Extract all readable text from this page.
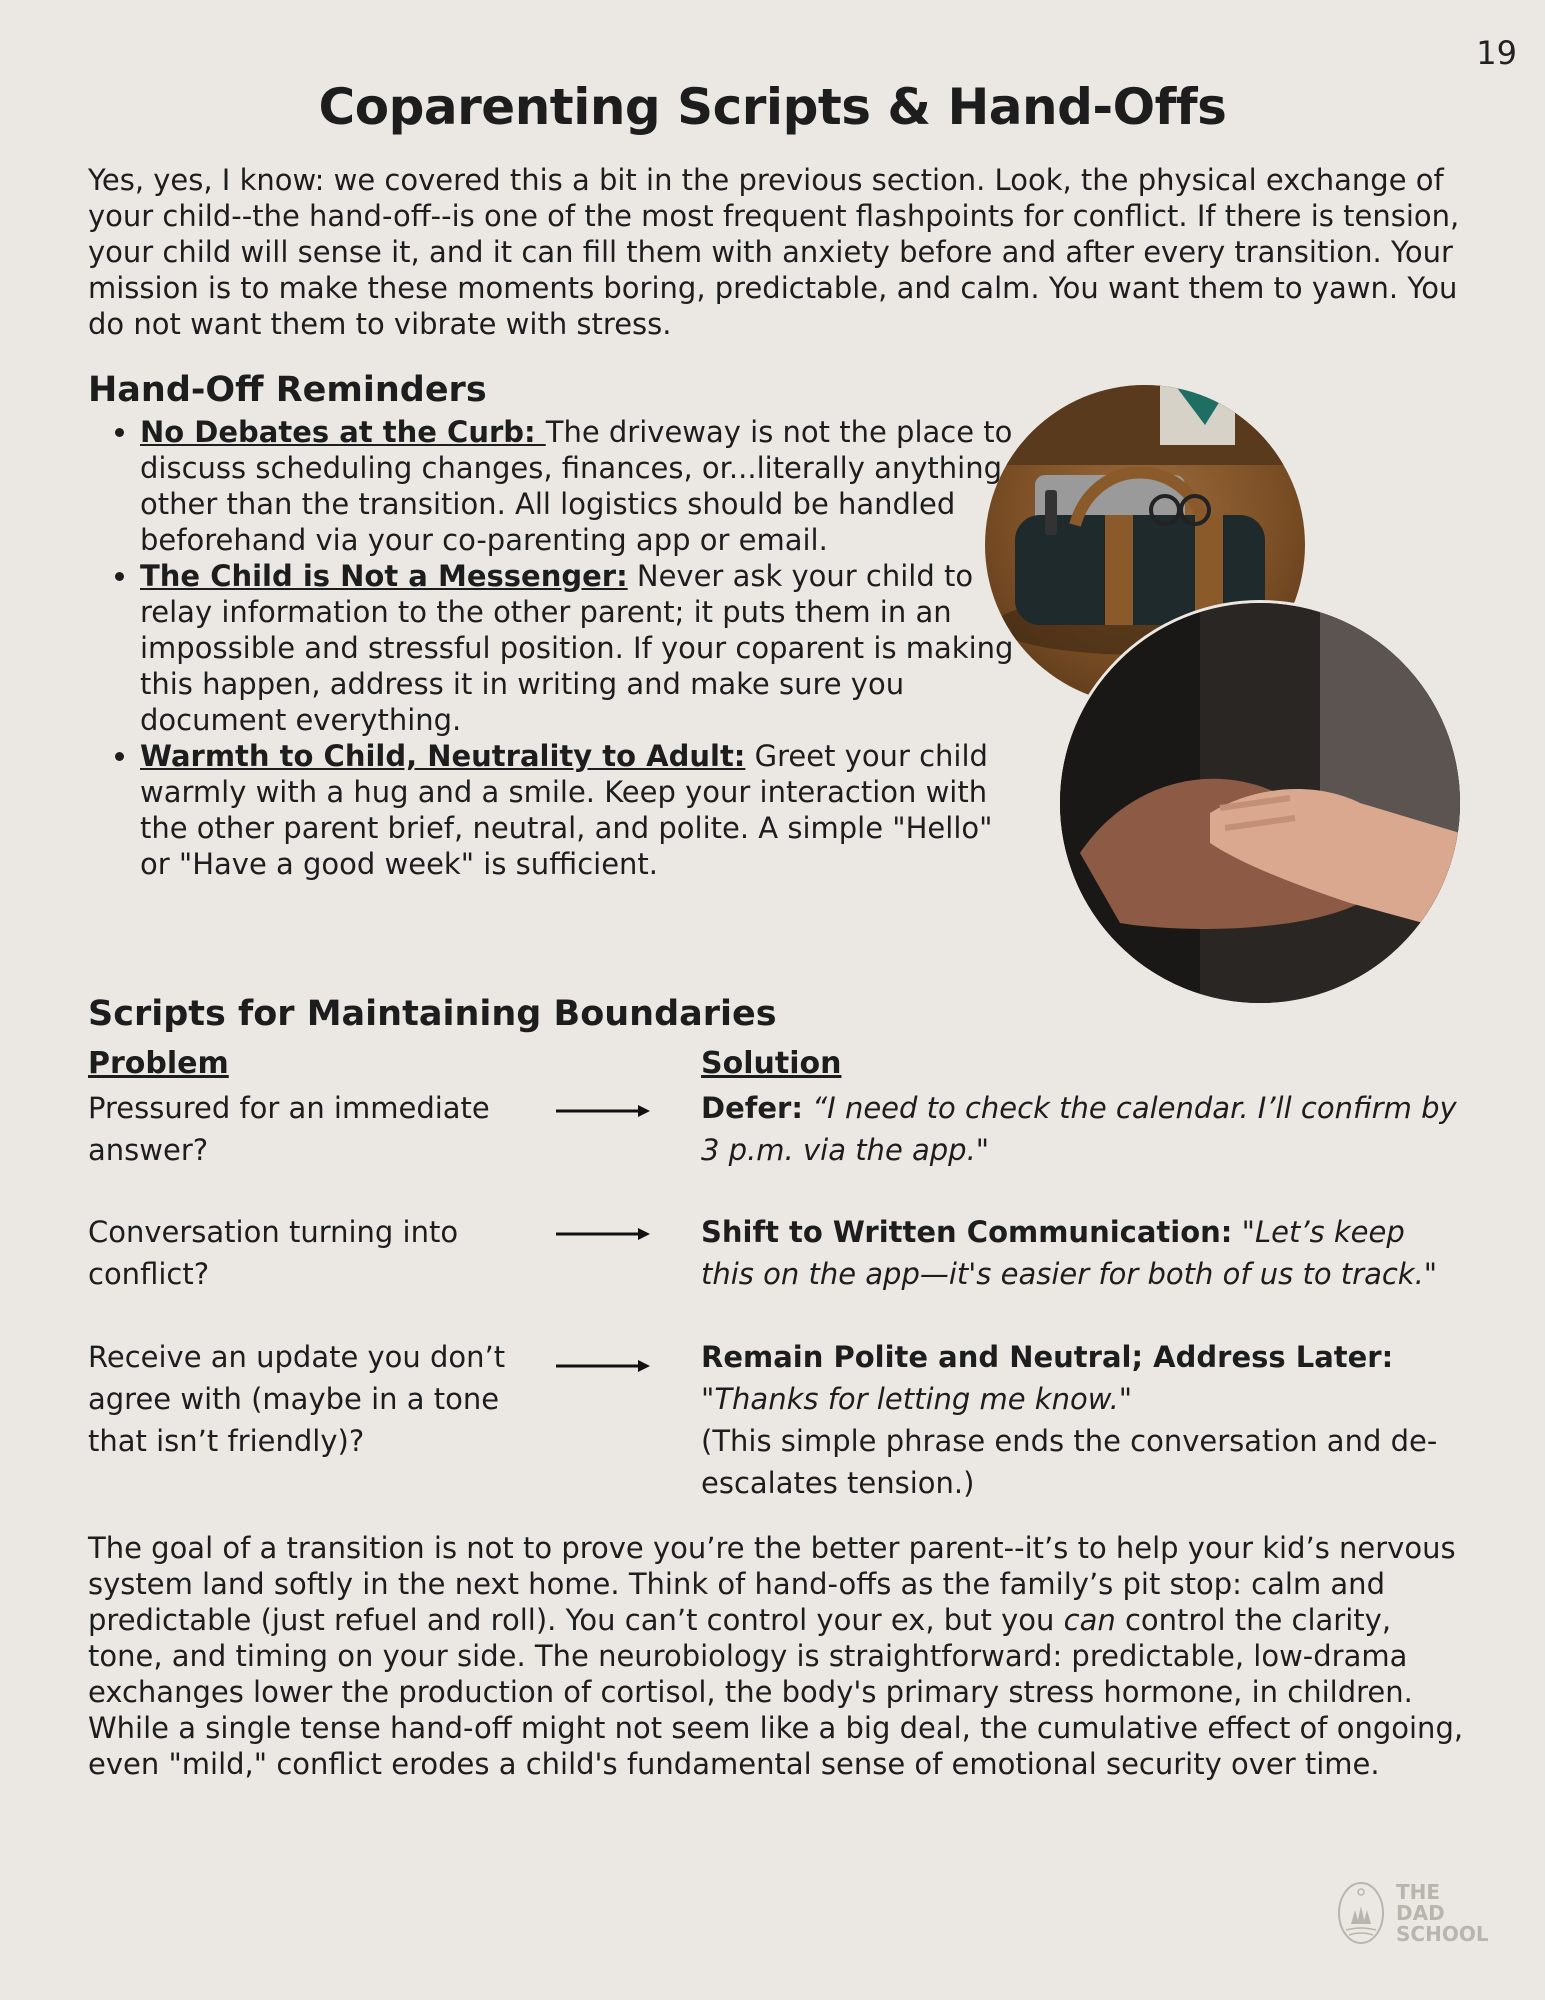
19
Coparenting Scripts & Hand-Offs

Yes, yes, I know: we covered this a bit in the previous section. Look, the physical exchange of your child--the hand-off--is one of the most frequent flashpoints for conflict. If there is tension, your child will sense it, and it can fill them with anxiety before and after every transition. Your mission is to make these moments boring, predictable, and calm. You want them to yawn. You do not want them to vibrate with stress.

Hand-Off Reminders
• No Debates at the Curb: The driveway is not the place to discuss scheduling changes, finances, or...literally anything other than the transition. All logistics should be handled beforehand via your co-parenting app or email.
• The Child is Not a Messenger: Never ask your child to relay information to the other parent; it puts them in an impossible and stressful position. If your coparent is making this happen, address it in writing and make sure you document everything.
• Warmth to Child, Neutrality to Adult: Greet your child warmly with a hug and a smile. Keep your interaction with the other parent brief, neutral, and polite. A simple "Hello" or "Have a good week" is sufficient.
Scripts for Maintaining Boundaries
Problem	Solution

Pressured for an immediate answer?

Defer: “I need to check the calendar. I’ll confirm by 3 p.m. via the app."

Conversation turning into conflict?

Shift to Written Communication: "Let’s keep this on the app—it's easier for both of us to track."

Receive an update you don’t agree with (maybe in a tone that isn’t friendly)?

Remain Polite and Neutral; Address Later:
"Thanks for letting me know."
(This simple phrase ends the conversation and de-escalates tension.)

The goal of a transition is not to prove you’re the better parent--it’s to help your kid’s nervous system land softly in the next home. Think of hand-offs as the family’s pit stop: calm and predictable (just refuel and roll). You can’t control your ex, but you can control the clarity, tone, and timing on your side. The neurobiology is straightforward: predictable, low-drama exchanges lower the production of cortisol, the body's primary stress hormone, in children. While a single tense hand-off might not seem like a big deal, the cumulative effect of ongoing, even "mild," conflict erodes a child's fundamental sense of emotional security over time.

THE
DAD
SCHOOL
